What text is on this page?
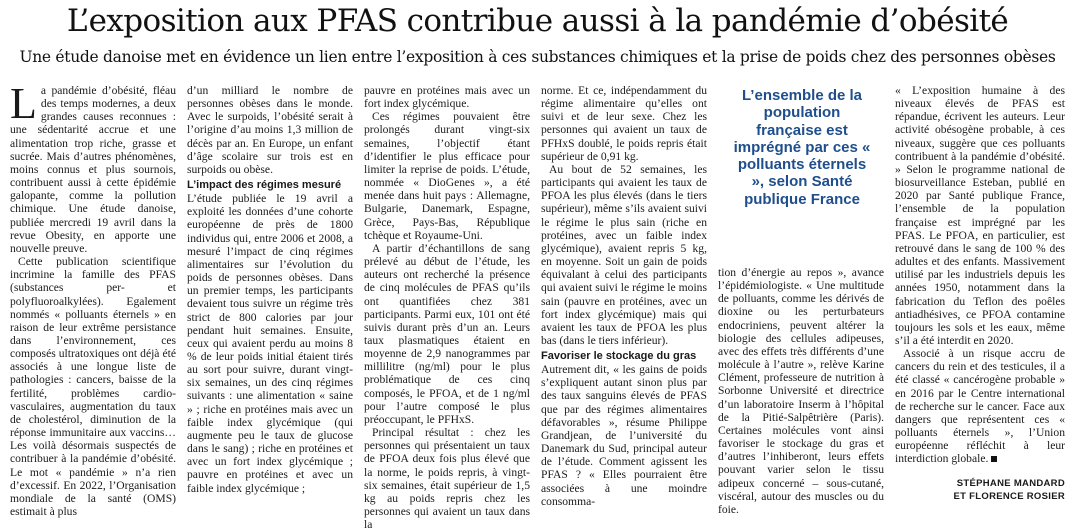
L’exposition aux PFAS contribue aussi à la pandémie d’obésité
Une étude danoise met en évidence un lien entre l’exposition à ces substances chimiques et la prise de poids chez des personnes obèses
L a pandémie d’obésité, fléau des temps modernes, a deux grandes causes reconnues : une sédentarité accrue et une alimentation trop riche, grasse et sucrée. Mais d’autres phénomènes, moins connus et plus sournois, contribuent aussi à cette épidémie galopante, comme la pollution chimique. Une étude danoise, publiée mercredi 19 avril dans la revue Obesity, en apporte une nouvelle preuve.

Cette publication scientifique incrimine la famille des PFAS (substances per- et polyfluoroalkylées). Egalement nommés « polluants éternels » en raison de leur extrême persistance dans l’environnement, ces composés ultratoxiques ont déjà été associés à une longue liste de pathologies : cancers, baisse de la fertilité, problèmes cardio-vasculaires, augmentation du taux de cholestérol, diminution de la réponse immunitaire aux vaccins… Les voilà désormais suspectés de contribuer à la pandémie d’obésité. Le mot « pandémie » n’a rien d’excessif. En 2022, l’Organisation mondiale de la santé (OMS) estimait à plus

d’un milliard le nombre de personnes obèses dans le monde. Avec le surpoids, l’obésité serait à l’origine d’au moins 1,3 million de décès par an. En Europe, un enfant d’âge scolaire sur trois est en surpoids ou obèse.

L’impact des régimes mesuré

L’étude publiée le 19 avril a exploité les données d’une cohorte européenne de près de 1800 individus qui, entre 2006 et 2008, a mesuré l’impact de cinq régimes alimentaires sur l’évolution du poids de personnes obèses. Dans un premier temps, les participants devaient tous suivre un régime très strict de 800 calories par jour pendant huit semaines. Ensuite, ceux qui avaient perdu au moins 8 % de leur poids initial étaient tirés au sort pour suivre, durant vingt-six semaines, un des cinq régimes suivants : une alimentation « saine » ; riche en protéines mais avec un faible index glycémique (qui augmente peu le taux de glucose dans le sang) ; riche en protéines et avec un fort index glycémique ; pauvre en protéines et avec un faible index glycémique ;

pauvre en protéines mais avec un fort index glycémique.

Ces régimes pouvaient être prolongés durant vingt-six semaines, l’objectif étant d’identifier le plus efficace pour limiter la reprise de poids. L’étude, nommée « DioGenes », a été menée dans huit pays : Allemagne, Bulgarie, Danemark, Espagne, Grèce, Pays-Bas, République tchèque et Royaume-Uni.

A partir d’échantillons de sang prélevé au début de l’étude, les auteurs ont recherché la présence de cinq molécules de PFAS qu’ils ont quantifiées chez 381 participants. Parmi eux, 101 ont été suivis durant près d’un an. Leurs taux plasmatiques étaient en moyenne de 2,9 nanogrammes par millilitre (ng/ml) pour le plus problématique de ces cinq composés, le PFOA, et de 1 ng/ml pour l’autre composé le plus préoccupant, le PFHxS.

Principal résultat : chez les personnes qui présentaient un taux de PFOA deux fois plus élevé que la norme, le poids repris, à vingt-six semaines, était supérieur de 1,5 kg au poids repris chez les personnes qui avaient un taux dans la

norme. Et ce, indépendamment du régime alimentaire qu’elles ont suivi et de leur sexe. Chez les personnes qui avaient un taux de PFHxS doublé, le poids repris était supérieur de 0,91 kg.

Au bout de 52 semaines, les participants qui avaient les taux de PFOA les plus élevés (dans le tiers supérieur), même s’ils avaient suivi le régime le plus sain (riche en protéines, avec un faible index glycémique), avaient repris 5 kg, en moyenne. Soit un gain de poids équivalant à celui des participants qui avaient suivi le régime le moins sain (pauvre en protéines, avec un fort index glycémique) mais qui avaient les taux de PFOA les plus bas (dans le tiers inférieur).

Favoriser le stockage du gras

Autrement dit, « les gains de poids s’expliquent autant sinon plus par des taux sanguins élevés de PFAS que par des régimes alimentaires défavorables », résume Philippe Grandjean, de l’université du Danemark du Sud, principal auteur de l’étude. Comment agissent les PFAS ? « Elles pourraient être associées à une moindre consomma-

L’ensemble de la population française est imprégné par ces « polluants éternels », selon Santé publique France

tion d’énergie au repos », avance l’épidémiologiste. « Une multitude de polluants, comme les dérivés de dioxine ou les perturbateurs endocriniens, peuvent altérer la biologie des cellules adipeuses, avec des effets très différents d’une molécule à l’autre », relève Karine Clément, professeure de nutrition à Sorbonne Université et directrice d’un laboratoire Inserm à l’hôpital de la Pitié-Salpêtrière (Paris). Certaines molécules vont ainsi favoriser le stockage du gras et d’autres l’inhiberont, leurs effets pouvant varier selon le tissu adipeux concerné – sous-cutané, viscéral, autour des muscles ou du foie.

« L’exposition humaine à des niveaux élevés de PFAS est répandue, écrivent les auteurs. Leur activité obésogène probable, à ces niveaux, suggère que ces polluants contribuent à la pandémie d’obésité. » Selon le programme national de biosurveillance Esteban, publié en 2020 par Santé publique France, l’ensemble de la population française est imprégné par les PFAS. Le PFOA, en particulier, est retrouvé dans le sang de 100 % des adultes et des enfants. Massivement utilisé par les industriels depuis les années 1950, notamment dans la fabrication du Teflon des poêles antiadhésives, ce PFOA contamine toujours les sols et les eaux, même s’il a été interdit en 2020.

Associé à un risque accru de cancers du rein et des testicules, il a été classé « cancérogène probable » en 2016 par le Centre international de recherche sur le cancer. Face aux dangers que représentent ces « polluants éternels », l’Union européenne réfléchit à leur interdiction globale.

STÉPHANE MANDARD
ET FLORENCE ROSIER
